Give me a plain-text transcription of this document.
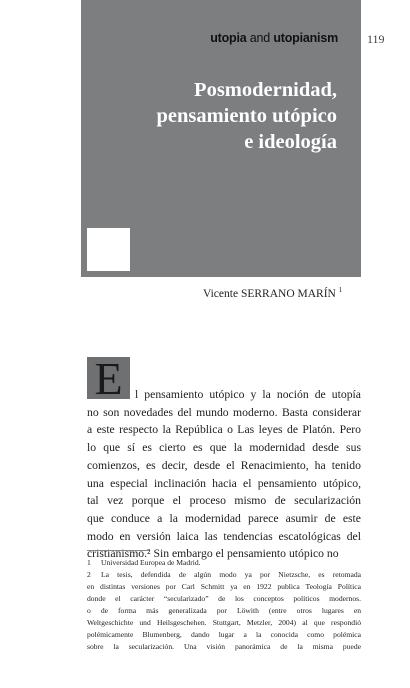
utopia and utopianism
Posmodernidad,
pensamiento utópico
e ideología
119
Vicente SERRANO MARÍN $^1$
E	l pensamiento utópico y la noción de utopía
no son novedades del mundo moderno. Basta considerar
a este respecto la República o Las leyes de Platón. Pero
lo que sí es cierto es que la modernidad desde sus
comienzos, es decir, desde el Renacimiento, ha tenido
una especial inclinación hacia el pensamiento utópico,
tal vez porque el proceso mismo de secularización
que conduce a la modernidad parece asumir de este
modo en versión laica las tendencias escatológicas del
cristianismo.² Sin embargo el pensamiento utópico no
1 Universidad Europea de Madrid.
2 La tesis, defendida de algún modo ya por Nietzsche, es retomada
en distintas versiones por Carl Schmitt ya en 1922 publica Teología Política
donde el carácter “secularizado” de los conceptos políticos modernos.
o de forma más generalizada por Löwith (entre otros lugares en
Weltgeschichte und Heilsgeschehen. Stuttgart, Metzler, 2004) al que respondió
polémicamente Blumenberg, dando lugar a la conocida como polémica
sobre la secularización. Una visión panorámica de la misma puede
